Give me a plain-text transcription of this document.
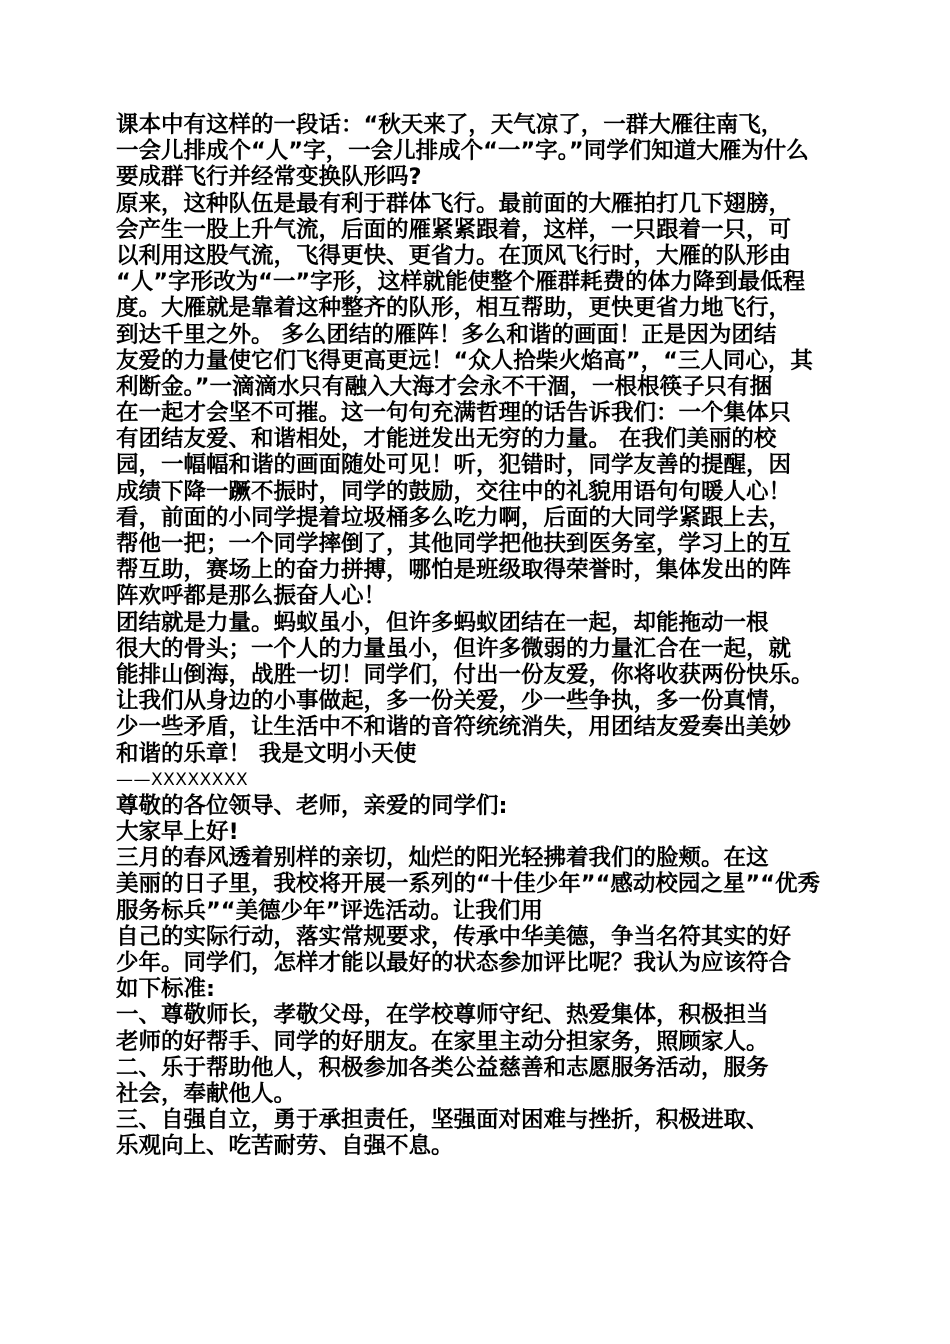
课本中有这样的一段话：“秋天来了，天气凉了，一群大雁往南飞，
一会儿排成个“人”字，一会儿排成个“一”字。”同学们知道大雁为什么
要成群飞行并经常变换队形吗?
原来，这种队伍是最有利于群体飞行。最前面的大雁拍打几下翅膀，
会产生一股上升气流，后面的雁紧紧跟着，这样，一只跟着一只，可
以利用这股气流，飞得更快、更省力。在顶风飞行时，大雁的队形由
“人”字形改为“一”字形，这样就能使整个雁群耗费的体力降到最低程
度。大雁就是靠着这种整齐的队形，相互帮助，更快更省力地飞行，
到达千里之外。 多么团结的雁阵！多么和谐的画面！正是因为团结
友爱的力量使它们飞得更高更远！“众人拾柴火焰高”，“三人同心，其
利断金。”一滴滴水只有融入大海才会永不干涸，一根根筷子只有捆
在一起才会坚不可摧。这一句句充满哲理的话告诉我们：一个集体只
有团结友爱、和谐相处，才能迸发出无穷的力量。 在我们美丽的校
园，一幅幅和谐的画面随处可见！听，犯错时，同学友善的提醒，因
成绩下降一蹶不振时，同学的鼓励，交往中的礼貌用语句句暖人心！
看，前面的小同学提着垃圾桶多么吃力啊，后面的大同学紧跟上去，
帮他一把；一个同学摔倒了，其他同学把他扶到医务室，学习上的互
帮互助，赛场上的奋力拼搏，哪怕是班级取得荣誉时，集体发出的阵
阵欢呼都是那么振奋人心！
团结就是力量。蚂蚁虽小，但许多蚂蚁团结在一起，却能拖动一根
很大的骨头；一个人的力量虽小，但许多微弱的力量汇合在一起，就
能排山倒海，战胜一切！同学们，付出一份友爱，你将收获两份快乐。
让我们从身边的小事做起，多一份关爱，少一些争执，多一份真情，
少一些矛盾，让生活中不和谐的音符统统消失，用团结友爱奏出美妙
和谐的乐章！ 我是文明小天使
——XXXXXXXX
尊敬的各位领导、老师，亲爱的同学们:
大家早上好!
三月的春风透着别样的亲切，灿烂的阳光轻拂着我们的脸颊。在这
美丽的日子里，我校将开展一系列的“十佳少年”“感动校园之星”“优秀
服务标兵”“美德少年”评选活动。让我们用
自己的实际行动，落实常规要求，传承中华美德，争当名符其实的好
少年。同学们，怎样才能以最好的状态参加评比呢？我认为应该符合
如下标准:
一、尊敬师长，孝敬父母，在学校尊师守纪、热爱集体，积极担当
老师的好帮手、同学的好朋友。在家里主动分担家务，照顾家人。
二、乐于帮助他人，积极参加各类公益慈善和志愿服务活动，服务
社会，奉献他人。
三、自强自立，勇于承担责任，坚强面对困难与挫折，积极进取、
乐观向上、吃苦耐劳、自强不息。
